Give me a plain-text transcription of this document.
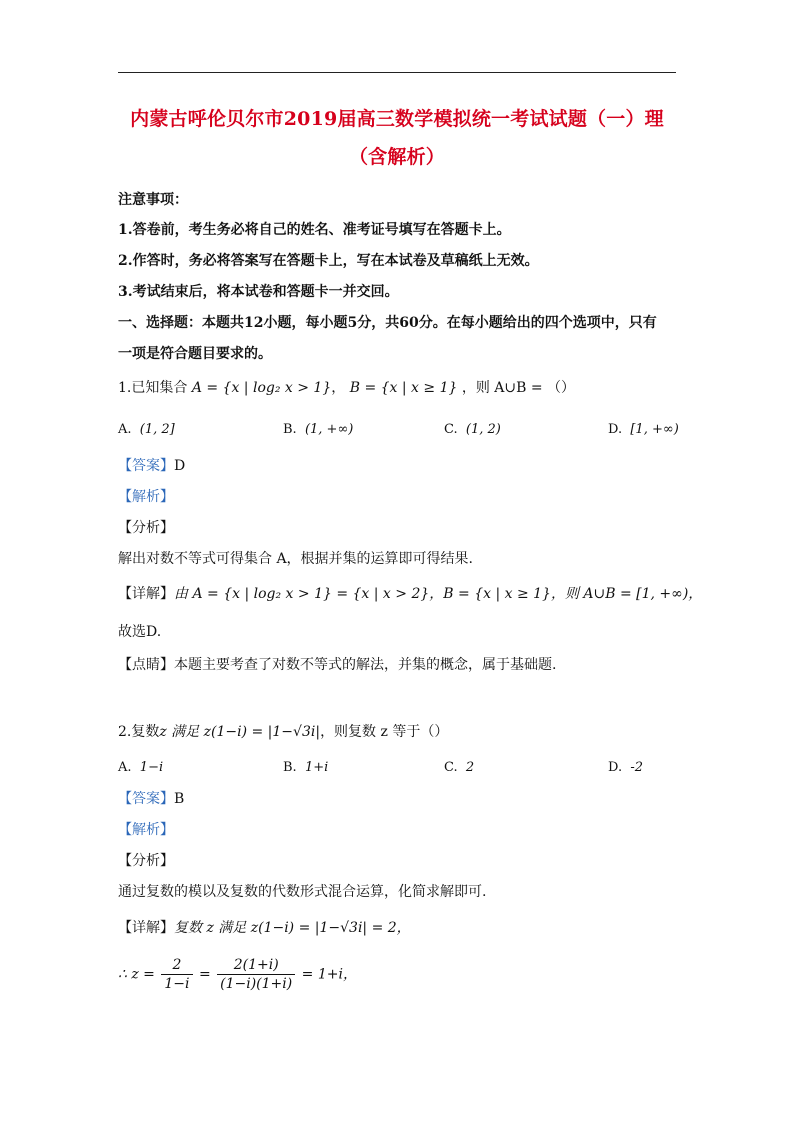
内蒙古呼伦贝尔市2019届高三数学模拟统一考试试题（一）理（含解析）
注意事项：
1.答卷前，考生务必将自己的姓名、准考证号填写在答题卡上。
2.作答时，务必将答案写在答题卡上，写在本试卷及草稿纸上无效。
3.考试结束后，将本试卷和答题卡一并交回。
一、选择题：本题共12小题，每小题5分，共60分。在每小题给出的四个选项中，只有
一项是符合题目要求的。
1.已知集合 A = {x | log₂ x > 1}， B = {x | x ≥ 1} ，则 A∪B = （）
A. (1, 2]	B. (1, +∞)	C. (1, 2)	D. [1, +∞)
【答案】D
【解析】
【分析】
解出对数不等式可得集合 A，根据并集的运算即可得结果.
【详解】由 A = {x | log₂ x > 1} = {x | x > 2}，B = {x | x ≥ 1}，则 A∪B = [1, +∞)，
故选D.
【点睛】本题主要考查了对数不等式的解法，并集的概念，属于基础题.
2.复数z 满足 z(1−i) = |1−√3i|，则复数 z 等于（）
A. 1−i	B. 1+i	C. 2	D. -2
【答案】B
【解析】
【分析】
通过复数的模以及复数的代数形式混合运算，化简求解即可.
【详解】复数 z 满足 z(1−i) = |1−√3i| = 2，
∴ $z = \frac{2}{1-i} = \frac{2(1+i)}{(1-i)(1+i)} = 1+i$，
